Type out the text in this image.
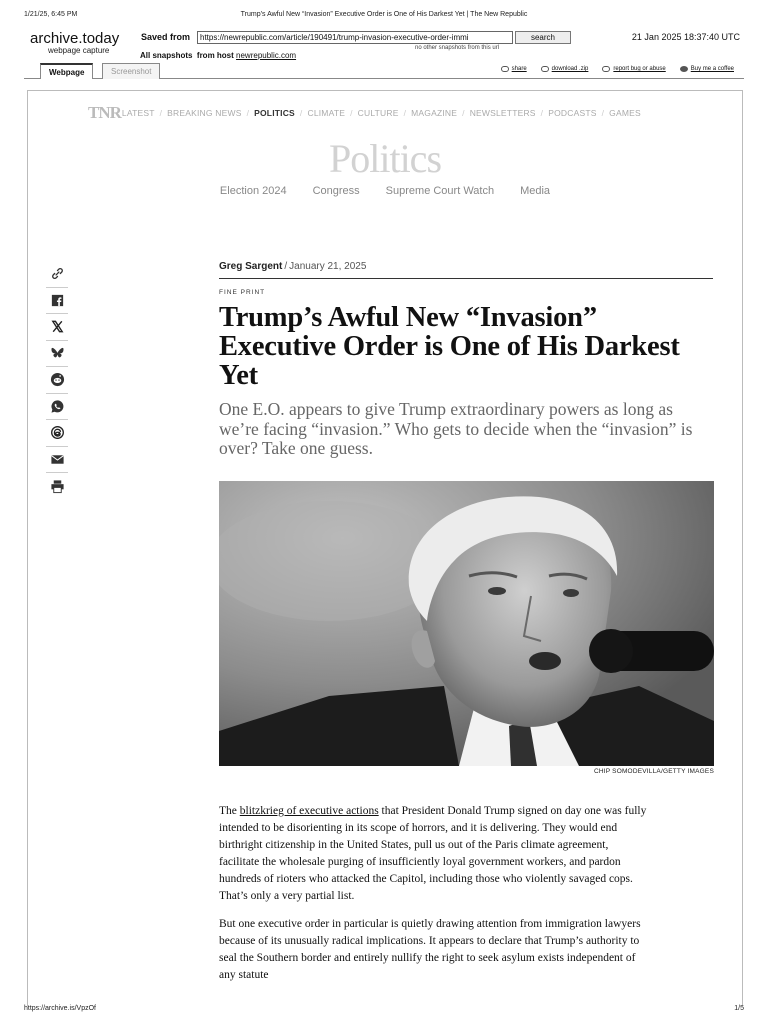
1/21/25, 6:45 PM	Trump’s Awful New “Invasion” Executive Order is One of His Darkest Yet | The New Republic
archive.today
webpage capture
Saved from	https://newrepublic.com/article/190491/trump-invasion-executive-order-immi	search
no other snapshots from this url
21 Jan 2025 18:37:40 UTC
All snapshots from host newrepublic.com
Webpage	Screenshot	share	download .zip	report bug or abuse	Buy me a coffee
TNR LATEST / BREAKING NEWS / POLITICS / CLIMATE / CULTURE / MAGAZINE / NEWSLETTERS / PODCASTS / GAMES
Politics
Election 2024 Congress Supreme Court Watch Media
Greg Sargent / January 21, 2025
FINE PRINT
Trump’s Awful New “Invasion” Executive Order is One of His Darkest Yet
One E.O. appears to give Trump extraordinary powers as long as we’re facing “invasion.” Who gets to decide when the “invasion” is over? Take one guess.
CHIP SOMODEVILLA/GETTY IMAGES

The blitzkrieg of executive actions that President Donald Trump signed on day one was fully intended to be disorienting in its scope of horrors, and it is delivering. They would end birthright citizenship in the United States, pull us out of the Paris climate agreement, facilitate the wholesale purging of insufficiently loyal government workers, and pardon hundreds of rioters who attacked the Capitol, including those who violently savaged cops. That’s only a very partial list.

But one executive order in particular is quietly drawing attention from immigration lawyers because of its unusually radical implications. It appears to declare that Trump’s authority to seal the Southern border and entirely nullify the right to seek asylum exists independent of any statute

https://archive.is/VpzOf	1/5
